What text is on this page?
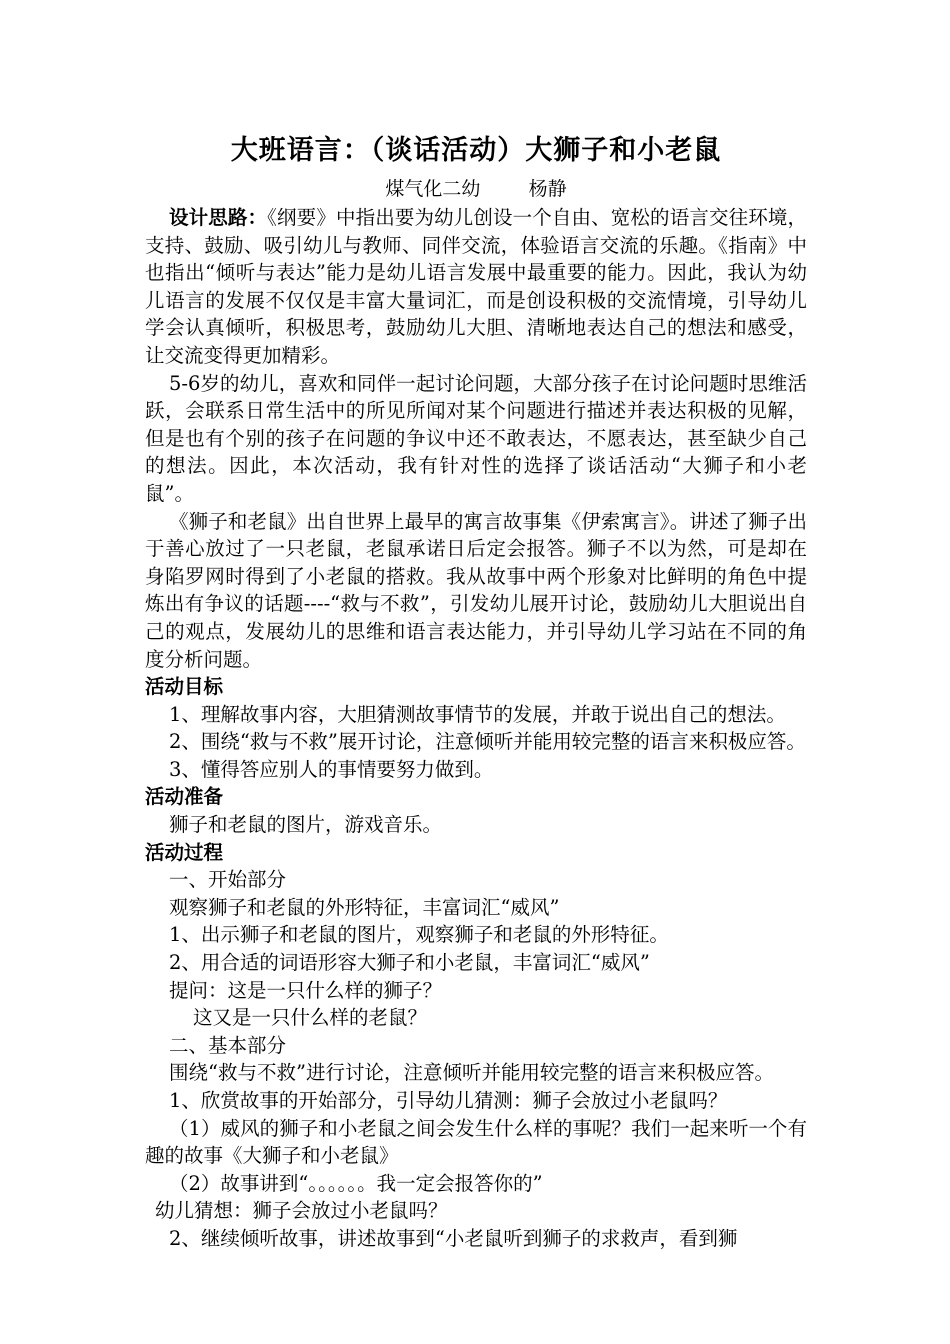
大班语言：（谈话活动）大狮子和小老鼠

煤气化二幼        杨静

设计思路：《纲要》中指出要为幼儿创设一个自由、宽松的语言交往环境，支持、鼓励、吸引幼儿与教师、同伴交流，体验语言交流的乐趣。《指南》中也指出“倾听与表达”能力是幼儿语言发展中最重要的能力。因此，我认为幼儿语言的发展不仅仅是丰富大量词汇，而是创设积极的交流情境，引导幼儿学会认真倾听，积极思考，鼓励幼儿大胆、清晰地表达自己的想法和感受，让交流变得更加精彩。

5-6岁的幼儿，喜欢和同伴一起讨论问题，大部分孩子在讨论问题时思维活跃，会联系日常生活中的所见所闻对某个问题进行描述并表达积极的见解，但是也有个别的孩子在问题的争议中还不敢表达，不愿表达，甚至缺少自己的想法。因此，本次活动，我有针对性的选择了谈话活动“大狮子和小老鼠”。

《狮子和老鼠》出自世界上最早的寓言故事集《伊索寓言》。讲述了狮子出于善心放过了一只老鼠，老鼠承诺日后定会报答。狮子不以为然，可是却在身陷罗网时得到了小老鼠的搭救。我从故事中两个形象对比鲜明的角色中提炼出有争议的话题----“救与不救”，引发幼儿展开讨论，鼓励幼儿大胆说出自己的观点，发展幼儿的思维和语言表达能力，并引导幼儿学习站在不同的角度分析问题。

活动目标

1、理解故事内容，大胆猜测故事情节的发展，并敢于说出自己的想法。

2、围绕“救与不救”展开讨论，注意倾听并能用较完整的语言来积极应答。

3、懂得答应别人的事情要努力做到。

活动准备

狮子和老鼠的图片，游戏音乐。

活动过程

一、开始部分

观察狮子和老鼠的外形特征，丰富词汇“威风”

1、出示狮子和老鼠的图片，观察狮子和老鼠的外形特征。

2、用合适的词语形容大狮子和小老鼠，丰富词汇“威风”

提问：这是一只什么样的狮子？

这又是一只什么样的老鼠？

二、基本部分

围绕“救与不救”进行讨论，注意倾听并能用较完整的语言来积极应答。

1、欣赏故事的开始部分，引导幼儿猜测：狮子会放过小老鼠吗？

（1）威风的狮子和小老鼠之间会发生什么样的事呢？我们一起来听一个有趣的故事《大狮子和小老鼠》

（2）故事讲到“。。。。。。我一定会报答你的”

幼儿猜想：狮子会放过小老鼠吗？

2、继续倾听故事，讲述故事到“小老鼠听到狮子的求救声，看到狮
